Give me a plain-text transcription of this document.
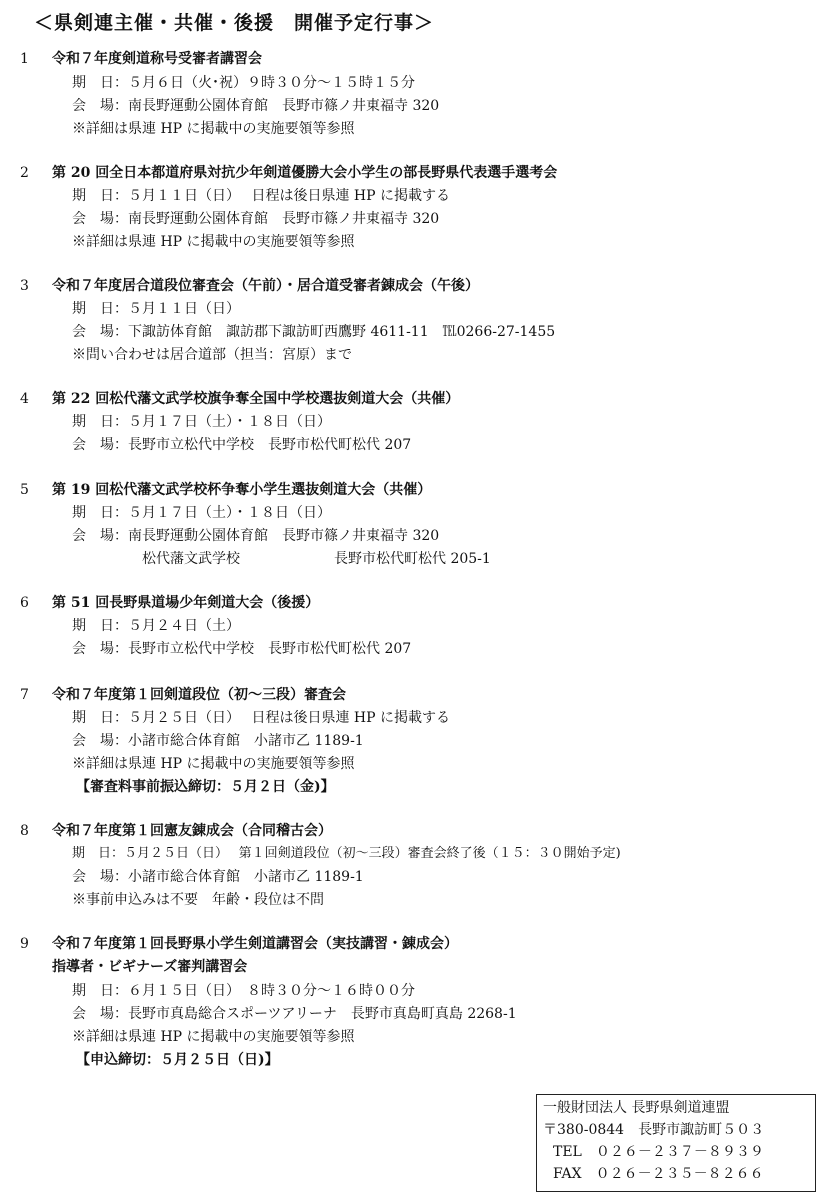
＜県剣連主催・共催・後援　開催予定行事＞
1 令和７年度剣道称号受審者講習会
期　日：５月６日（火･祝）９時３０分～１５時１５分
会　場：南長野運動公園体育館　長野市篠ノ井東福寺 320
※詳細は県連 HP に掲載中の実施要領等参照
2 第 20 回全日本都道府県対抗少年剣道優勝大会小学生の部長野県代表選手選考会
期　日：５月１１日（日）　 日程は後日県連 HP に掲載する
会　場：南長野運動公園体育館　長野市篠ノ井東福寺 320
※詳細は県連 HP に掲載中の実施要領等参照
3 令和７年度居合道段位審査会（午前）・居合道受審者錬成会（午後）
期　日：５月１１日（日）
会　場：下諏訪体育館　諏訪郡下諏訪町西鷹野 4611-11　℡0266-27-1455
※問い合わせは居合道部（担当：宮原）まで
4 第 22 回松代藩文武学校旗争奪全国中学校選抜剣道大会（共催）
期　日：５月１７日（土）・１８日（日）
会　場：長野市立松代中学校　長野市松代町松代 207
5 第 19 回松代藩文武学校杯争奪小学生選抜剣道大会（共催）
期　日：５月１７日（土）・１８日（日）
会　場：南長野運動公園体育館　長野市篠ノ井東福寺 320
松代藩文武学校	長野市松代町松代 205-1
6 第 51 回長野県道場少年剣道大会（後援）
期　日：５月２４日（土）
会　場：長野市立松代中学校　長野市松代町松代 207
7 令和７年度第１回剣道段位（初～三段）審査会
期　日：５月２５日（日）　 日程は後日県連 HP に掲載する
会　場：小諸市総合体育館　小諸市乙 1189-1
※詳細は県連 HP に掲載中の実施要領等参照
【審査料事前振込締切：５月２日（金)】
8 令和７年度第１回憲友錬成会（合同稽古会）
期　日：５月２５日（日）　 第１回剣道段位（初～三段）審査会終了後（１５：３０開始予定)
会　場：小諸市総合体育館　小諸市乙 1189-1
※事前申込みは不要　年齢・段位は不問
9 令和７年度第１回長野県小学生剣道講習会（実技講習・錬成会）
指導者・ビギナーズ審判講習会
期　日：６月１５日（日）　８時３０分～１６時００分
会　場：長野市真島総合スポーツアリーナ　長野市真島町真島 2268-1
※詳細は県連 HP に掲載中の実施要領等参照
【申込締切：５月２５日（日)】
一般財団法人 長野県剣道連盟
〒380-0844　長野市諏訪町５０３
TEL　０２６－２３７－８９３９
FAX　０２６－２３５－８２６６
